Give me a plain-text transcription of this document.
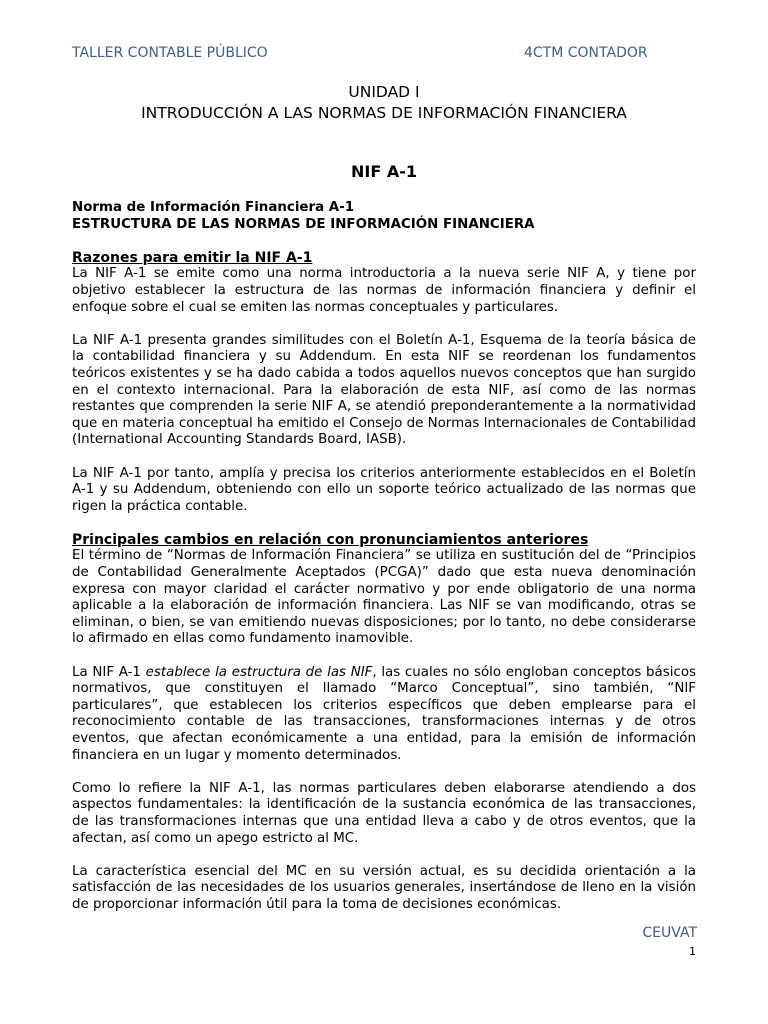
TALLER CONTABLE PÚBLICO	4CTM CONTADOR
UNIDAD I
INTRODUCCIÓN A LAS NORMAS DE INFORMACIÓN FINANCIERA
NIF A-1

Norma de Información Financiera A-1

ESTRUCTURA DE LAS NORMAS DE INFORMACIÓN FINANCIERA

Razones para emitir la NIF A-1

La NIF A-1 se emite como una norma introductoria a la nueva serie NIF A, y tiene por objetivo establecer la estructura de las normas de información financiera y definir el enfoque sobre el cual se emiten las normas conceptuales y particulares.

La NIF A-1 presenta grandes similitudes con el Boletín A-1, Esquema de la teoría básica de la contabilidad financiera y su Addendum. En esta NIF se reordenan los fundamentos teóricos existentes y se ha dado cabida a todos aquellos nuevos conceptos que han surgido en el contexto internacional. Para la elaboración de esta NIF, así como de las normas restantes que comprenden la serie NIF A, se atendió preponderantemente a la normatividad que en materia conceptual ha emitido el Consejo de Normas Internacionales de Contabilidad (International Accounting Standards Board, IASB).

La NIF A-1 por tanto, amplía y precisa los criterios anteriormente establecidos en el Boletín A-1 y su Addendum, obteniendo con ello un soporte teórico actualizado de las normas que rigen la práctica contable.

Principales cambios en relación con pronunciamientos anteriores

El término de “Normas de Información Financiera” se utiliza en sustitución del de “Principios de Contabilidad Generalmente Aceptados (PCGA)” dado que esta nueva denominación expresa con mayor claridad el carácter normativo y por ende obligatorio de una norma aplicable a la elaboración de información financiera. Las NIF se van modificando, otras se eliminan, o bien, se van emitiendo nuevas disposiciones; por lo tanto, no debe considerarse lo afirmado en ellas como fundamento inamovible.

La NIF A-1 establece la estructura de las NIF, las cuales no sólo engloban conceptos básicos normativos, que constituyen el llamado “Marco Conceptual”, sino también, “NIF particulares”, que establecen los criterios específicos que deben emplearse para el reconocimiento contable de las transacciones, transformaciones internas y de otros eventos, que afectan económicamente a una entidad, para la emisión de información financiera en un lugar y momento determinados.

Como lo refiere la NIF A-1, las normas particulares deben elaborarse atendiendo a dos aspectos fundamentales: la identificación de la sustancia económica de las transacciones, de las transformaciones internas que una entidad lleva a cabo y de otros eventos, que la afectan, así como un apego estricto al MC.

La característica esencial del MC en su versión actual, es su decidida orientación a la satisfacción de las necesidades de los usuarios generales, insertándose de lleno en la visión de proporcionar información útil para la toma de decisiones económicas.

CEUVAT
1
